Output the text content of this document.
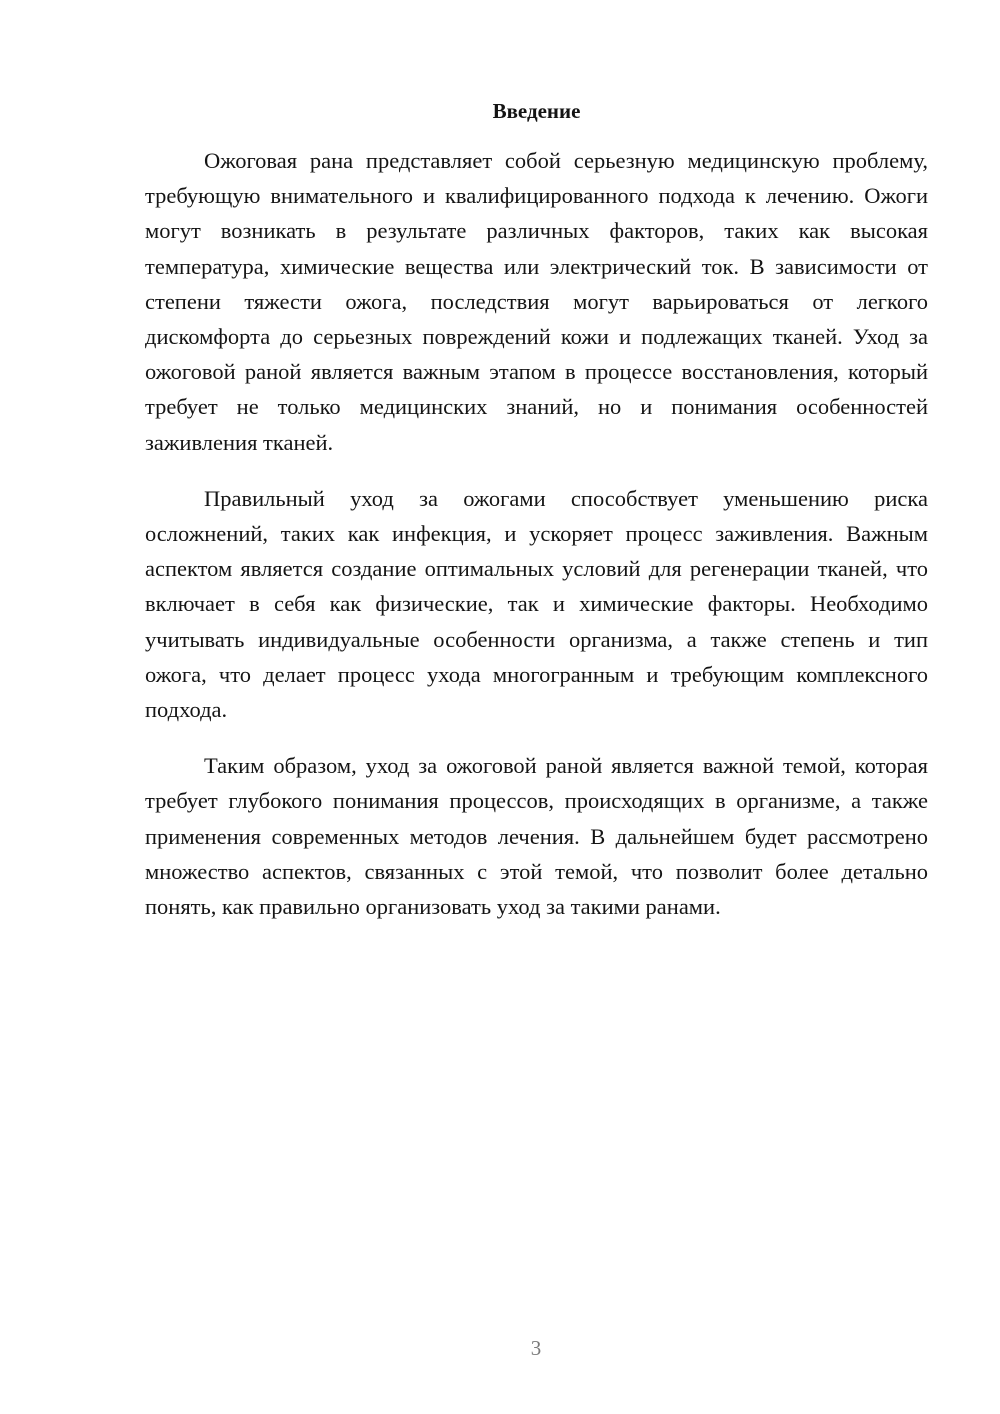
Введение

Ожоговая рана представляет собой серьезную медицинскую проблему, требующую внимательного и квалифицированного подхода к лечению. Ожоги могут возникать в результате различных факторов, таких как высокая температура, химические вещества или электрический ток. В зависимости от степени тяжести ожога, последствия могут варьироваться от легкого дискомфорта до серьезных повреждений кожи и подлежащих тканей. Уход за ожоговой раной является важным этапом в процессе восстановления, который требует не только медицинских знаний, но и понимания особенностей заживления тканей.

Правильный уход за ожогами способствует уменьшению риска осложнений, таких как инфекция, и ускоряет процесс заживления. Важным аспектом является создание оптимальных условий для регенерации тканей, что включает в себя как физические, так и химические факторы. Необходимо учитывать индивидуальные особенности организма, а также степень и тип ожога, что делает процесс ухода многогранным и требующим комплексного подхода.

Таким образом, уход за ожоговой раной является важной темой, которая требует глубокого понимания процессов, происходящих в организме, а также применения современных методов лечения. В дальнейшем будет рассмотрено множество аспектов, связанных с этой темой, что позволит более детально понять, как правильно организовать уход за такими ранами.

3
